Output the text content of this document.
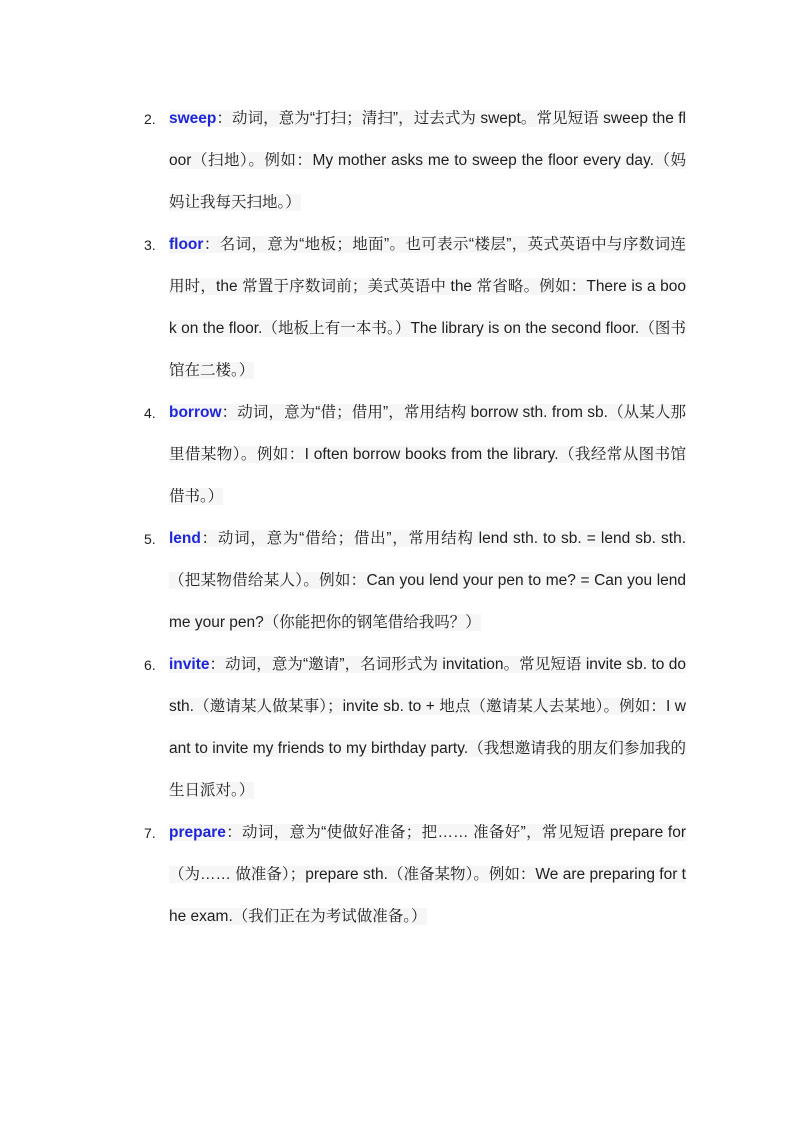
2. sweep：动词，意为“打扫；清扫”，过去式为 swept。常见短语 sweep the floor（扫地）。例如：My mother asks me to sweep the floor every day.（妈妈让我每天扫地。）
3. floor：名词，意为“地板；地面”。也可表示“楼层”，英式英语中与序数词连用时，the 常置于序数词前；美式英语中 the 常省略。例如：There is a book on the floor.（地板上有一本书。）The library is on the second floor.（图书馆在二楼。）
4. borrow：动词，意为“借；借用”，常用结构 borrow sth. from sb.（从某人那里借某物）。例如：I often borrow books from the library.（我经常从图书馆借书。）
5. lend：动词，意为“借给；借出”，常用结构 lend sth. to sb. = lend sb. sth.（把某物借给某人）。例如：Can you lend your pen to me? = Can you lend me your pen?（你能把你的钢笔借给我吗？）
6. invite：动词，意为“邀请”，名词形式为 invitation。常见短语 invite sb. to do sth.（邀请某人做某事）；invite sb. to + 地点（邀请某人去某地）。例如：I want to invite my friends to my birthday party.（我想邀请我的朋友们参加我的生日派对。）
7. prepare：动词，意为“使做好准备；把…… 准备好”，常见短语 prepare for（为…… 做准备）；prepare sth.（准备某物）。例如：We are preparing for the exam.（我们正在为考试做准备。）
